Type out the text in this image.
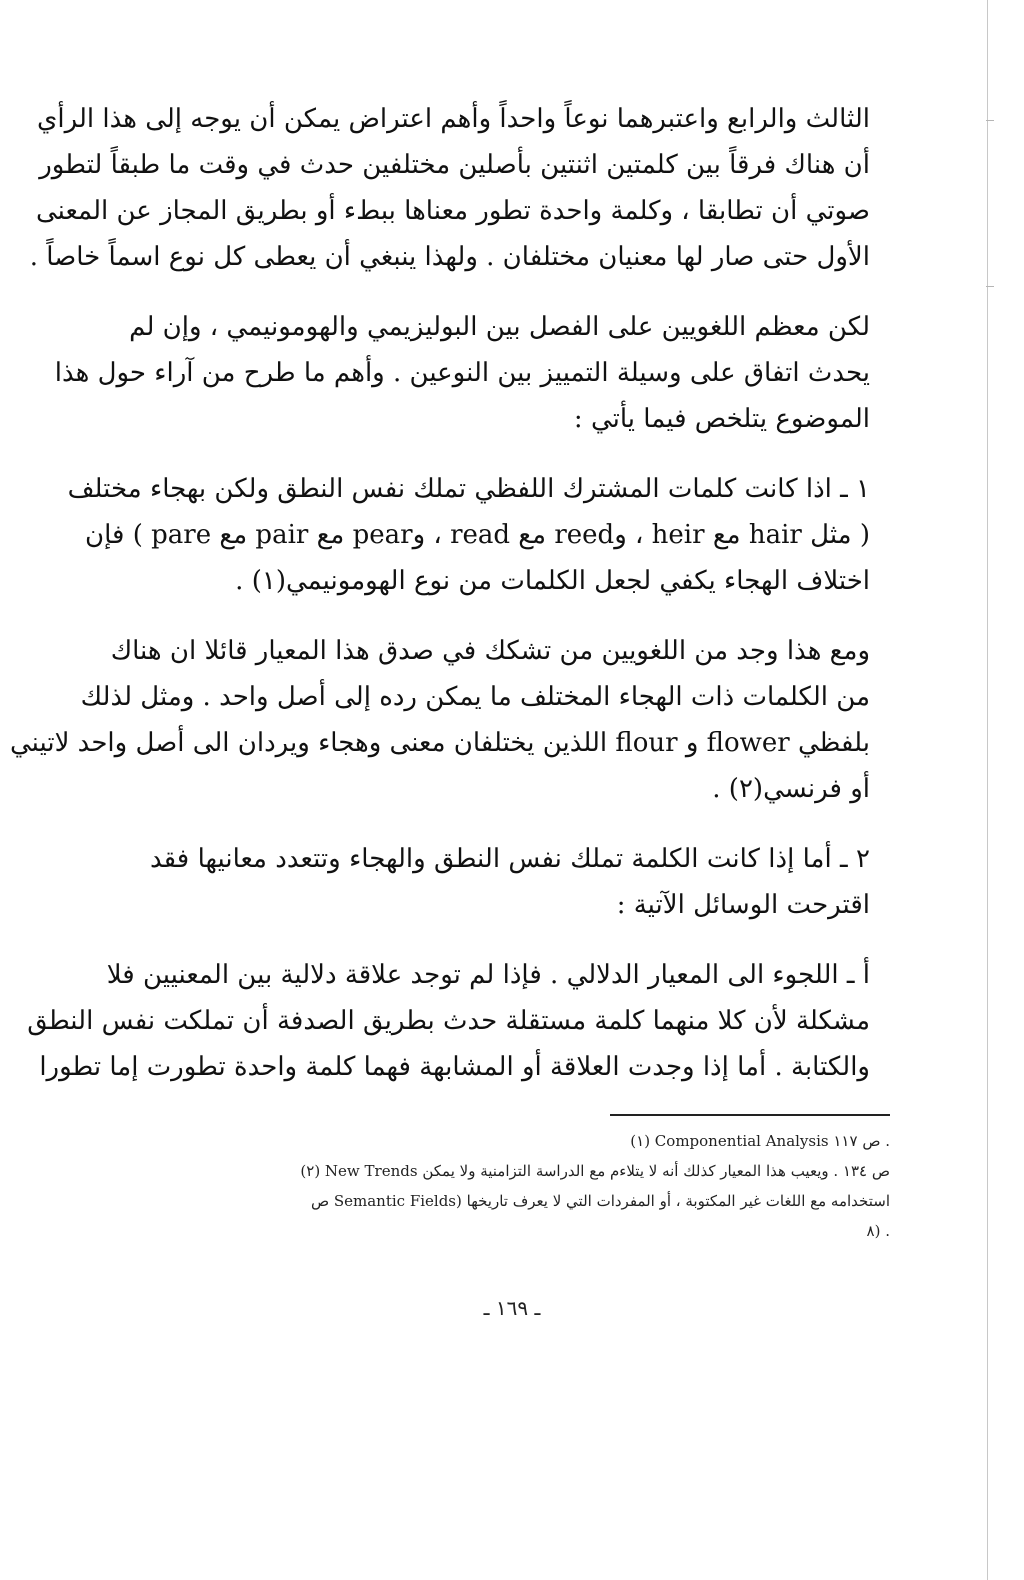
الثالث والرابع واعتبرهما نوعاً واحداً وأهم اعتراض يمكن أن يوجه إلى هذا الرأي
أن هناك فرقاً بين كلمتين اثنتين بأصلين مختلفين حدث في وقت ما طبقاً لتطور
صوتي أن تطابقا ، وكلمة واحدة تطور معناها ببطء أو بطريق المجاز عن المعنى
الأول حتى صار لها معنيان مختلفان . ولهذا ينبغي أن يعطى كل نوع اسماً خاصاً .

لكن معظم اللغويين على الفصل بين البوليزيمي والهومونيمي ، وإن لم
يحدث اتفاق على وسيلة التمييز بين النوعين . وأهم ما طرح من آراء حول هذا
الموضوع يتلخص فيما يأتي :

١ ـ اذا كانت كلمات المشترك اللفظي تملك نفس النطق ولكن بهجاء مختلف
( مثل hair مع heir ، وreed مع read ، وpear مع pair مع pare ) فإن
اختلاف الهجاء يكفي لجعل الكلمات من نوع الهومونيمي(١) .

ومع هذا وجد من اللغويين من تشكك في صدق هذا المعيار قائلا ان هناك
من الكلمات ذات الهجاء المختلف ما يمكن رده إلى أصل واحد . ومثل لذلك
بلفظي flower و flour اللذين يختلفان معنى وهجاء ويردان الى أصل واحد لاتيني
أو فرنسي(٢) .

٢ ـ أما إذا كانت الكلمة تملك نفس النطق والهجاء وتتعدد معانيها فقد
اقترحت الوسائل الآتية :

أ ـ اللجوء الى المعيار الدلالي . فإذا لم توجد علاقة دلالية بين المعنيين فلا
مشكلة لأن كلا منهما كلمة مستقلة حدث بطريق الصدفة أن تملكت نفس النطق
والكتابة . أما إذا وجدت العلاقة أو المشابهة فهما كلمة واحدة تطورت إما تطورا

(١) Componential Analysis ص ١١٧ .
(٢) New Trends ص ١٣٤ . ويعيب هذا المعيار كذلك أنه لا يتلاءم مع الدراسة التزامنية ولا يمكن
استخدامه مع اللغات غير المكتوبة ، أو المفردات التي لا يعرف تاريخها (Semantic Fields ص
٨) .
ـ ١٦٩ ـ
